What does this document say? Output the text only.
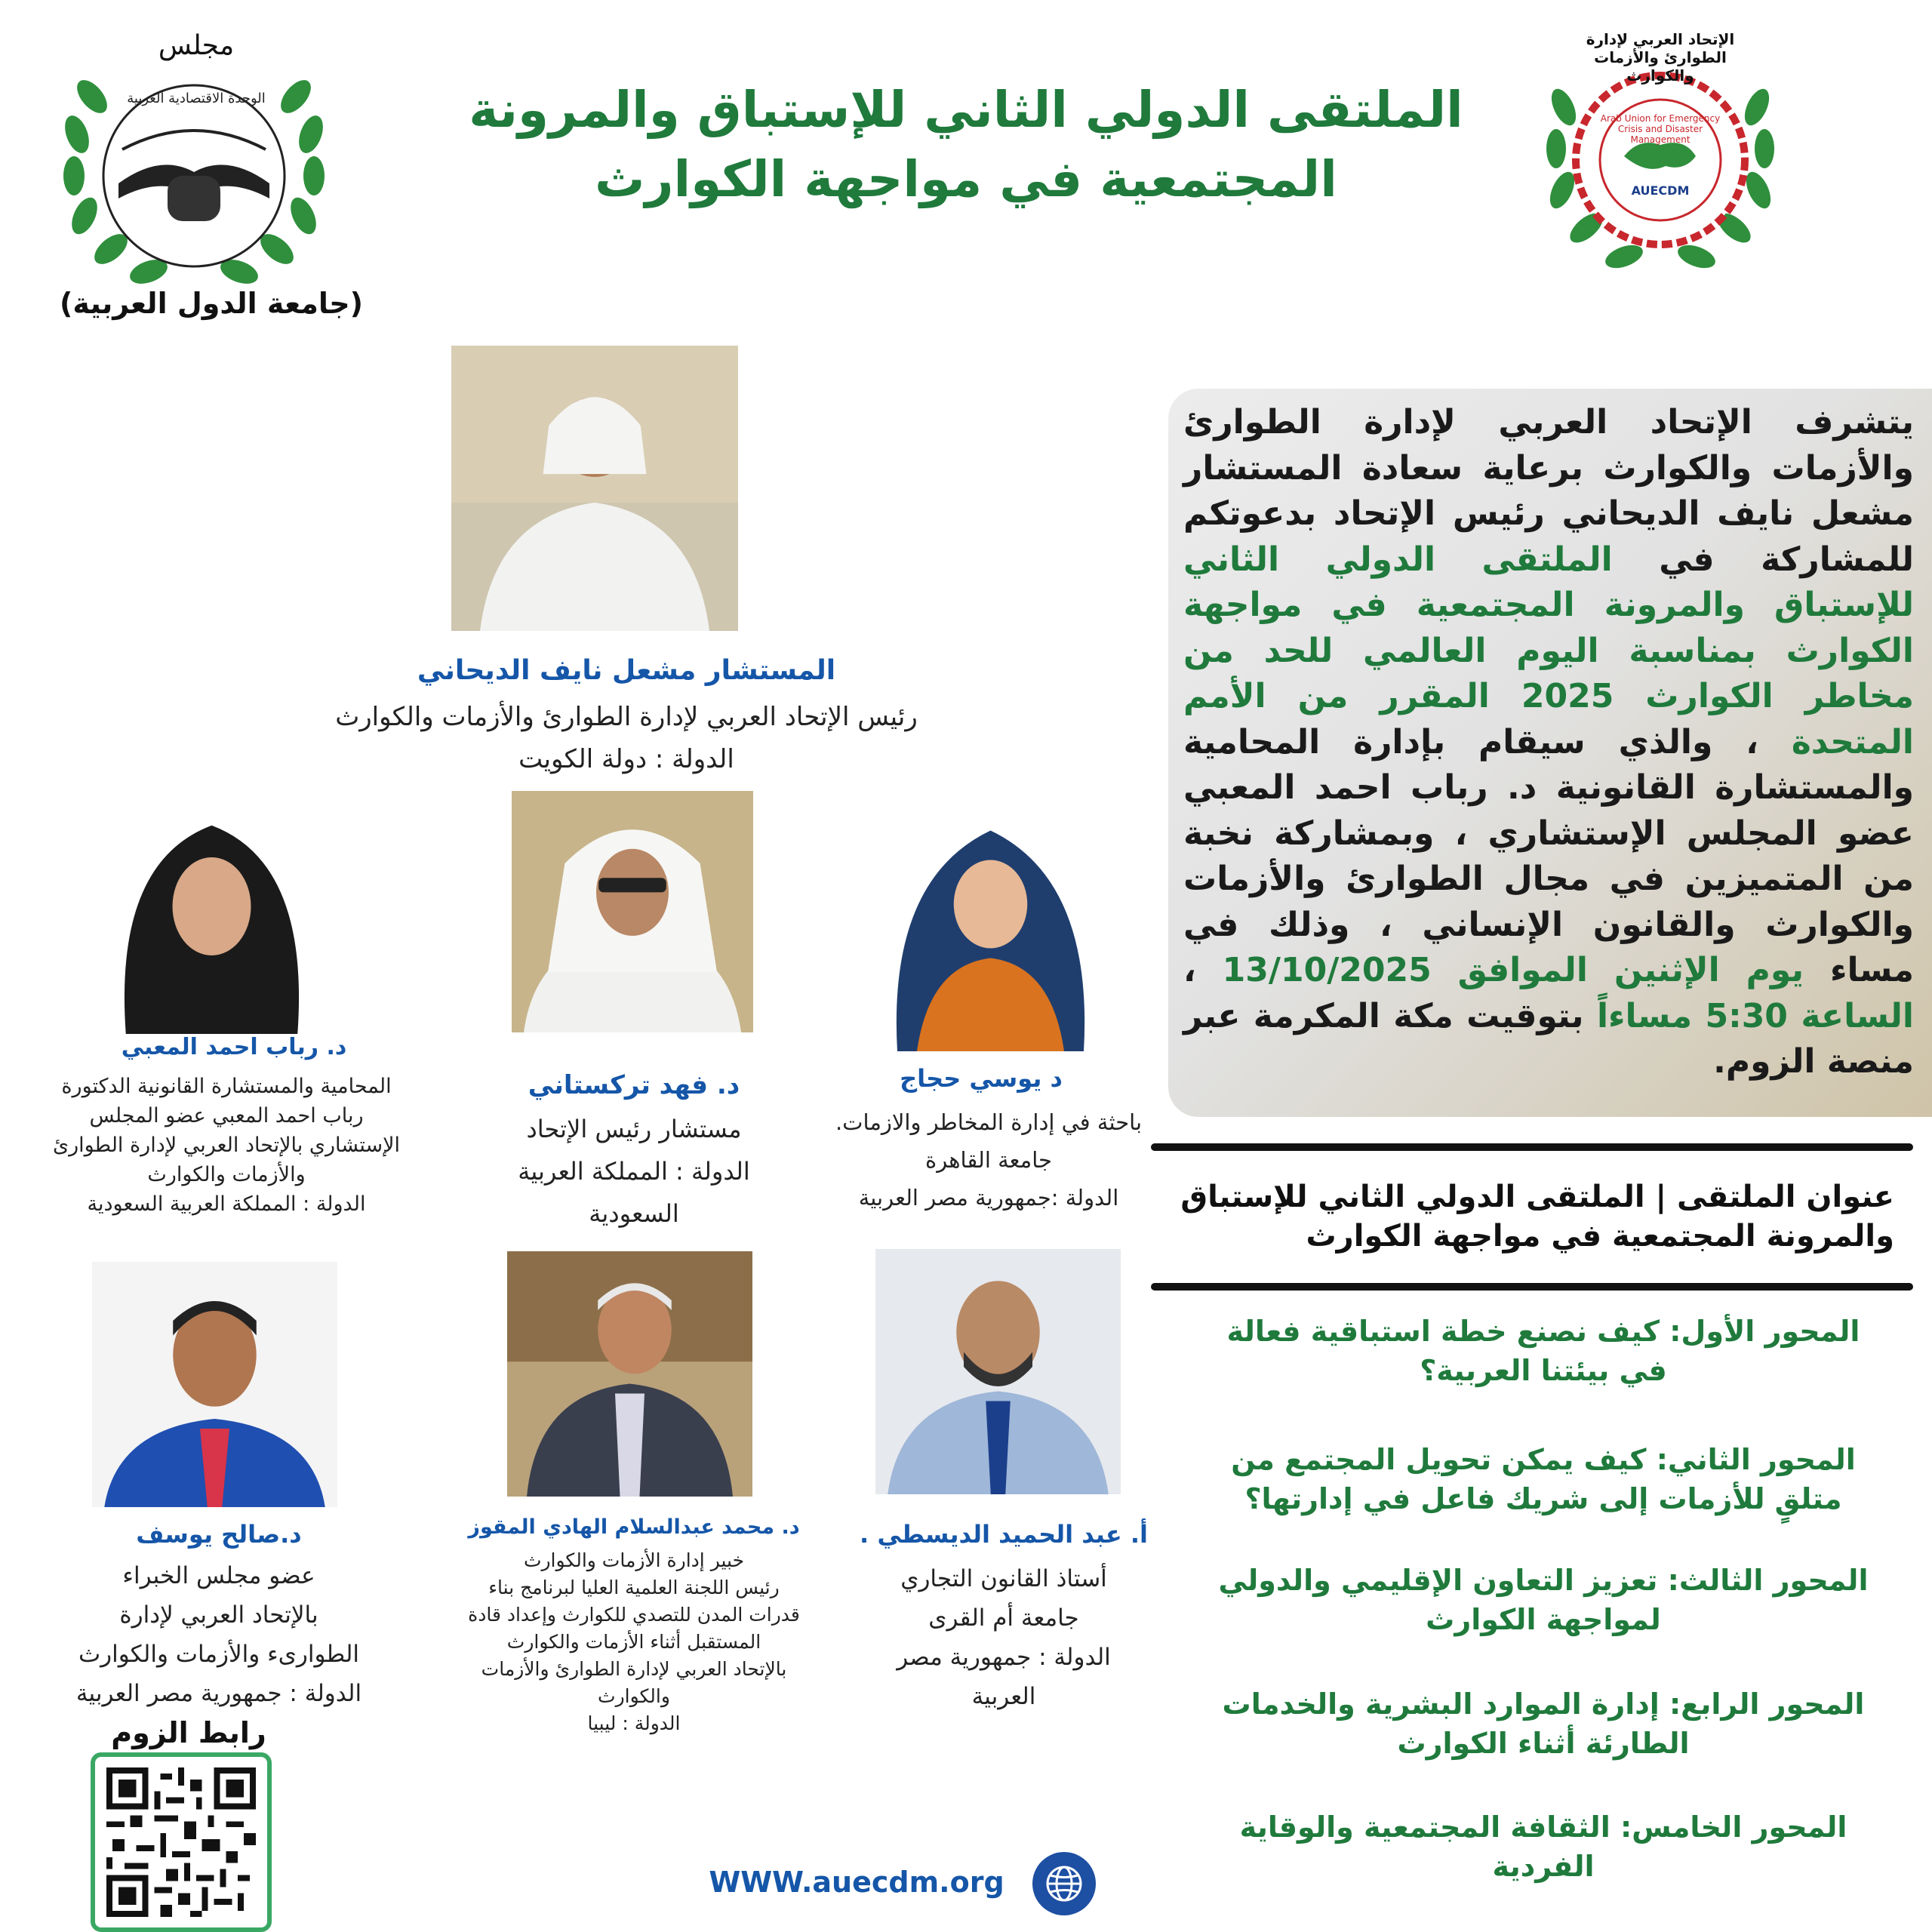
الملتقى الدولي الثاني للإستباق والمرونة
المجتمعية في مواجهة الكوارث
مجلس
الوحدة الاقتصادية العربية
(جامعة الدول العربية)
الإتحاد العربي لإدارة الطوارئ والأزمات والكوارث
Arab Union for Emergency Crisis and Disaster Management
AUECDM
يتشرف الإتحاد العربي لإدارة الطوارئ والأزمات والكوارث برعاية سعادة المستشار مشعل نايف الديحاني رئيس الإتحاد بدعوتكم للمشاركة في الملتقى الدولي الثاني للإستباق والمرونة المجتمعية في مواجهة الكوارث بمناسبة اليوم العالمي للحد من مخاطر الكوارث 2025 المقرر من الأمم المتحدة ، والذي سيقام بإدارة المحامية والمستشارة القانونية د. رباب احمد المعبي عضو المجلس الإستشاري ، وبمشاركة نخبة من المتميزين في مجال الطوارئ والأزمات والكوارث والقانون الإنساني ، وذلك في مساء يوم الإثنين الموافق 13/10/2025 ، الساعة 5:30 مساءاً بتوقيت مكة المكرمة عبر منصة الزوم.
عنوان الملتقى | الملتقى الدولي الثاني للإستباق
والمرونة المجتمعية في مواجهة الكوارث
المحور الأول: كيف نصنع خطة استباقية فعالة
في بيئتنا العربية؟
المحور الثاني: كيف يمكن تحويل المجتمع من
متلقٍ للأزمات إلى شريك فاعل في إدارتها؟
المحور الثالث: تعزيز التعاون الإقليمي والدولي
لمواجهة الكوارث
المحور الرابع: إدارة الموارد البشرية والخدمات
الطارئة أثناء الكوارث
المحور الخامس: الثقافة المجتمعية والوقاية
الفردية
المستشار مشعل نايف الديحاني
رئيس الإتحاد العربي لإدارة الطوارئ والأزمات والكوارث
الدولة : دولة الكويت
د. رباب احمد المعبي
المحامية والمستشارة القانونية الدكتورة
رباب احمد المعبي عضو المجلس
الإستشاري بالإتحاد العربي لإدارة الطوارئ
والأزمات والكوارث
الدولة : المملكة العربية السعودية
د. فهد تركستاني
مستشار رئيس الإتحاد
الدولة : المملكة العربية
السعودية
د يوسي حجاج
باحثة في إدارة المخاطر والازمات.
جامعة القاهرة
الدولة :جمهورية مصر العربية
د.صالح يوسف
عضو مجلس الخبراء
بالإتحاد العربي لإدارة
الطوارىء والأزمات والكوارث
الدولة : جمهورية مصر العربية
د. محمد عبدالسلام الهادي المقوز
خبير إدارة الأزمات والكوارث
رئيس اللجنة العلمية العليا لبرنامج بناء
قدرات المدن للتصدي للكوارث وإعداد قادة
المستقبل أثناء الأزمات والكوارث
بالإتحاد العربي لإدارة الطوارئ والأزمات
والكوارث
الدولة : ليبيا
أ. عبد الحميد الديسطي .
أستاذ القانون التجاري
جامعة أم القرى
الدولة : جمهورية مصر
العربية
رابط الزوم
WWW.auecdm.org
